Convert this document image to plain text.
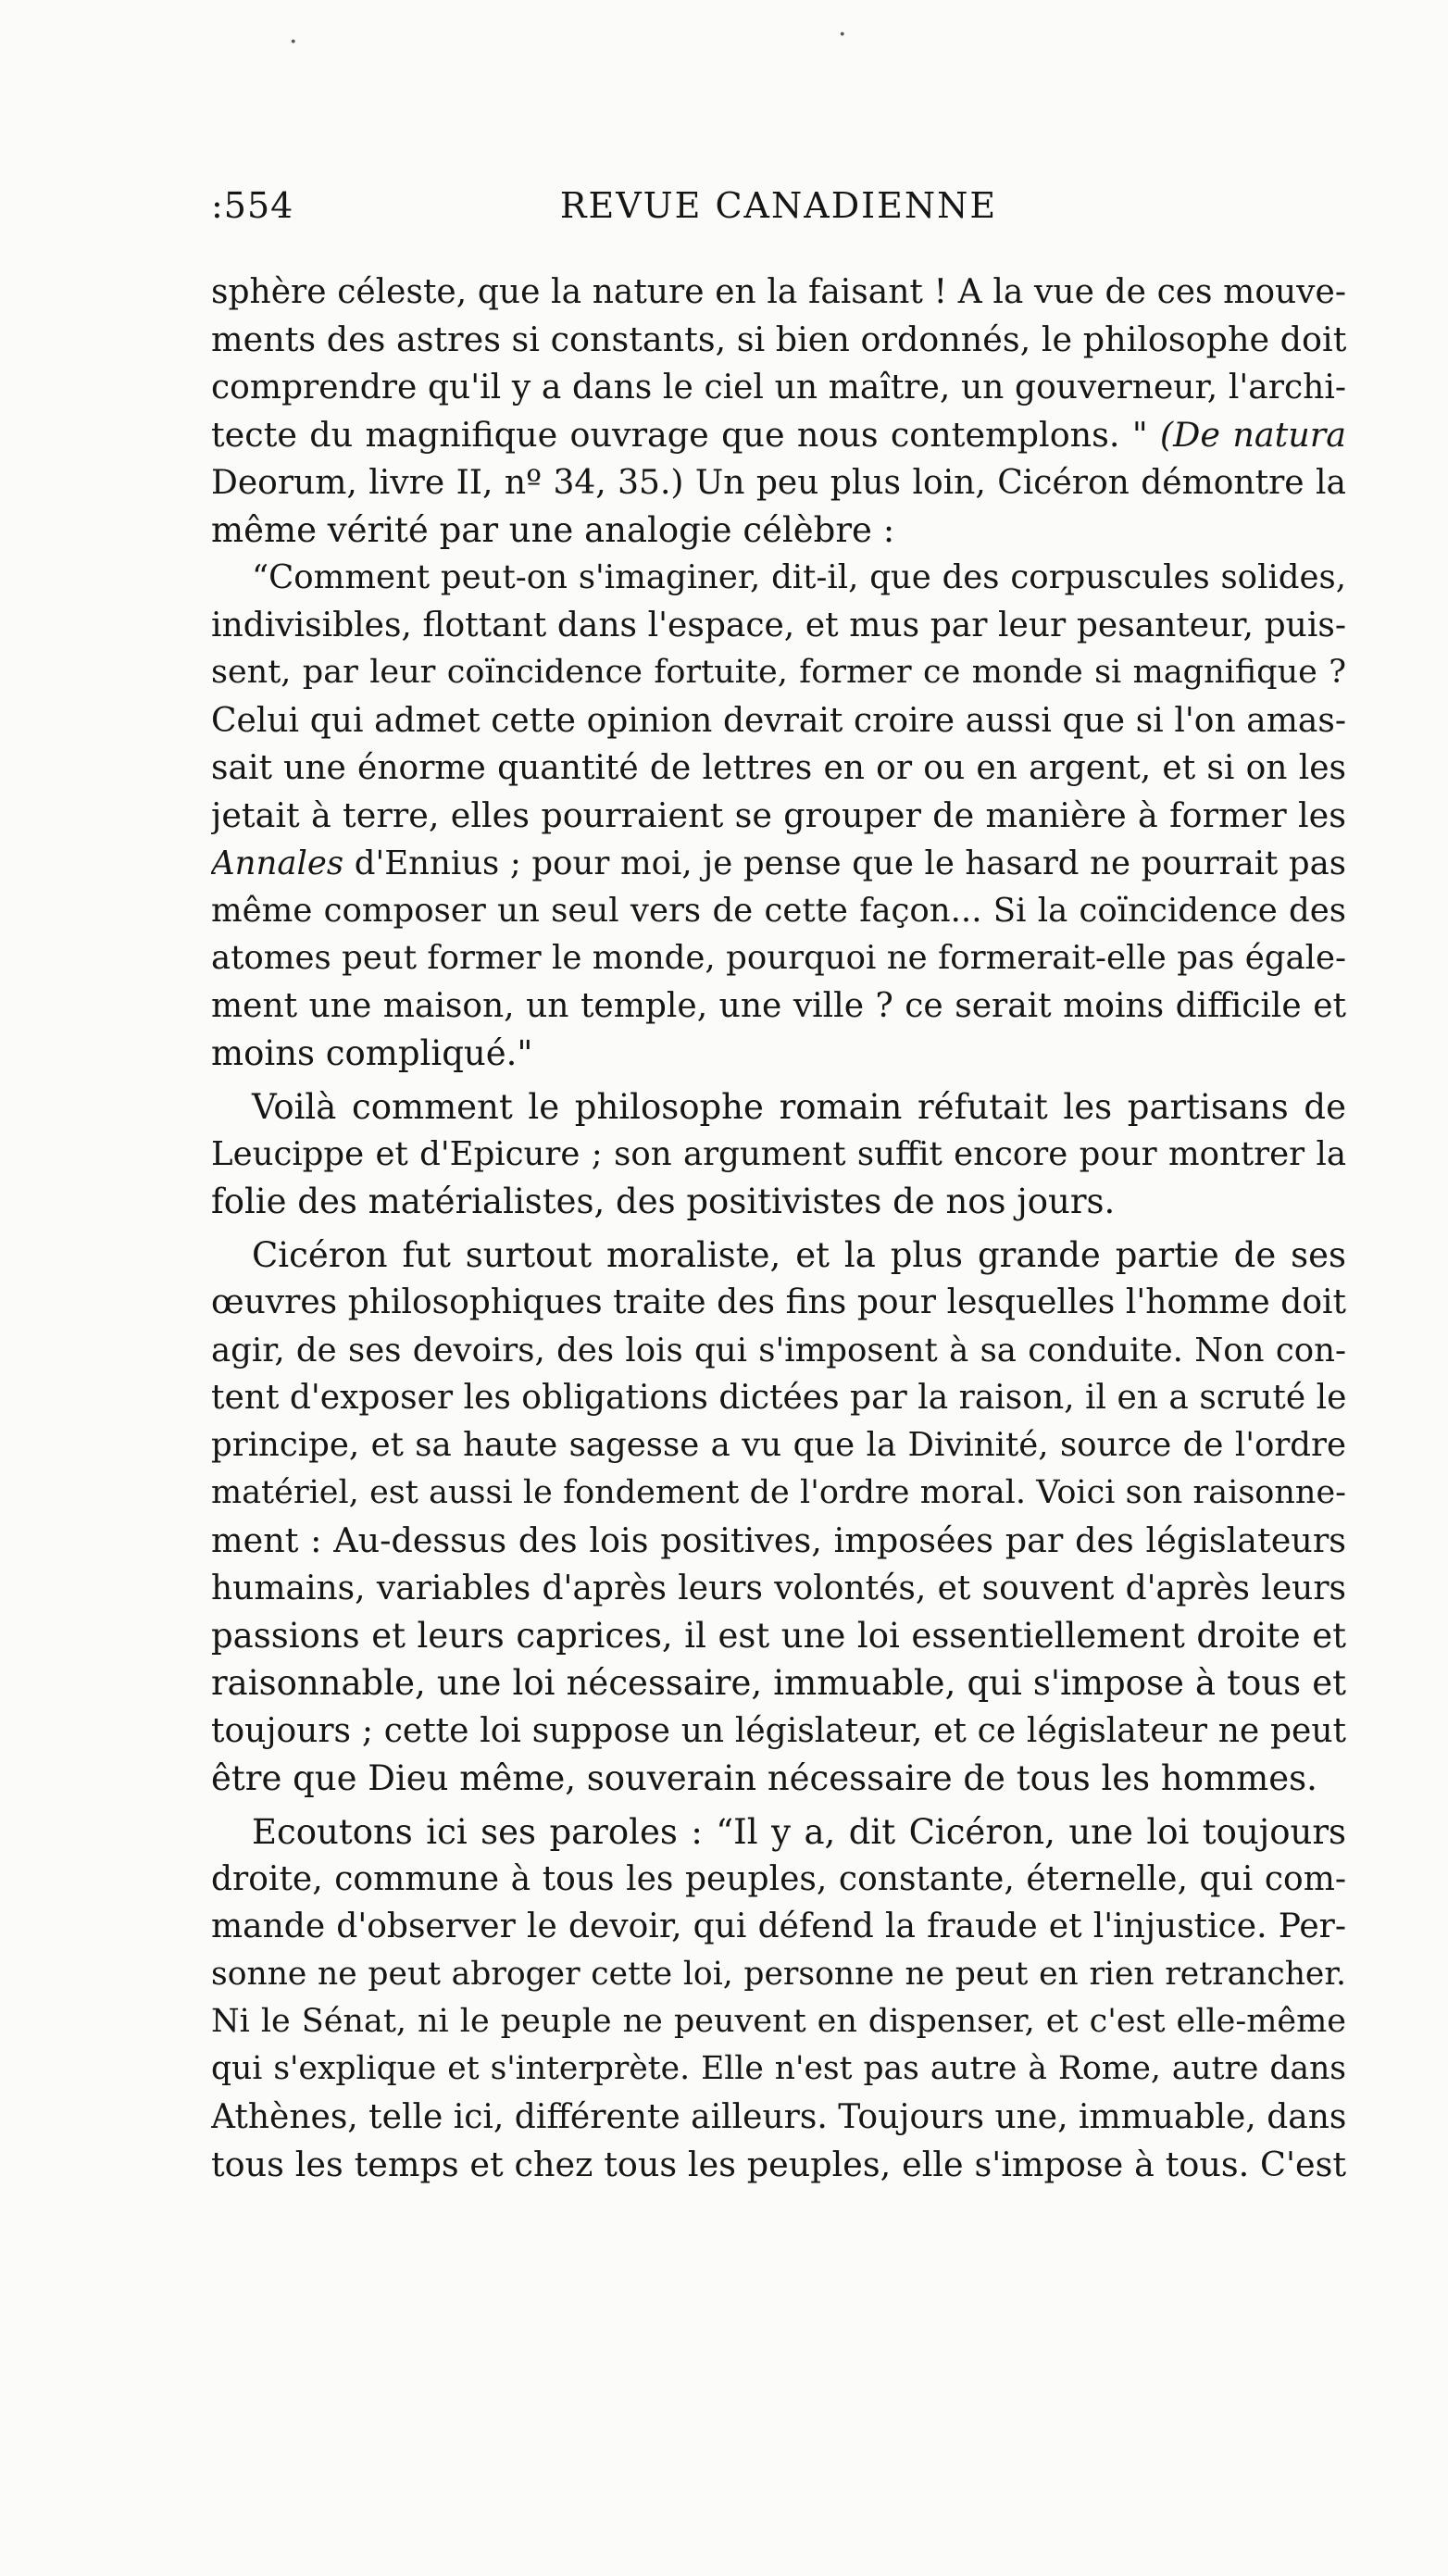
·	·
:554	REVUE CANADIENNE
sphère céleste, que la nature en la faisant ! A la vue de ces mouve-
ments des astres si constants, si bien ordonnés, le philosophe doit
comprendre qu'il y a dans le ciel un maître, un gouverneur, l'archi-
tecte du magnifique ouvrage que nous contemplons. " (De natura
Deorum, livre II, nº 34, 35.) Un peu plus loin, Cicéron démontre la
même vérité par une analogie célèbre :
“Comment peut-on s'imaginer, dit-il, que des corpuscules solides,
indivisibles, flottant dans l'espace, et mus par leur pesanteur, puis-
sent, par leur coïncidence fortuite, former ce monde si magnifique ?
Celui qui admet cette opinion devrait croire aussi que si l'on amas-
sait une énorme quantité de lettres en or ou en argent, et si on les
jetait à terre, elles pourraient se grouper de manière à former les
Annales d'Ennius ; pour moi, je pense que le hasard ne pourrait pas
même composer un seul vers de cette façon... Si la coïncidence des
atomes peut former le monde, pourquoi ne formerait-elle pas égale-
ment une maison, un temple, une ville ? ce serait moins difficile et
moins compliqué."
Voilà comment le philosophe romain réfutait les partisans de
Leucippe et d'Epicure ; son argument suffit encore pour montrer la
folie des matérialistes, des positivistes de nos jours.
Cicéron fut surtout moraliste, et la plus grande partie de ses
œuvres philosophiques traite des fins pour lesquelles l'homme doit
agir, de ses devoirs, des lois qui s'imposent à sa conduite. Non con-
tent d'exposer les obligations dictées par la raison, il en a scruté le
principe, et sa haute sagesse a vu que la Divinité, source de l'ordre
matériel, est aussi le fondement de l'ordre moral. Voici son raisonne-
ment : Au-dessus des lois positives, imposées par des législateurs
humains, variables d'après leurs volontés, et souvent d'après leurs
passions et leurs caprices, il est une loi essentiellement droite et
raisonnable, une loi nécessaire, immuable, qui s'impose à tous et
toujours ; cette loi suppose un législateur, et ce législateur ne peut
être que Dieu même, souverain nécessaire de tous les hommes.
Ecoutons ici ses paroles : “Il y a, dit Cicéron, une loi toujours
droite, commune à tous les peuples, constante, éternelle, qui com-
mande d'observer le devoir, qui défend la fraude et l'injustice. Per-
sonne ne peut abroger cette loi, personne ne peut en rien retrancher.
Ni le Sénat, ni le peuple ne peuvent en dispenser, et c'est elle-même
qui s'explique et s'interprète. Elle n'est pas autre à Rome, autre dans
Athènes, telle ici, différente ailleurs. Toujours une, immuable, dans
tous les temps et chez tous les peuples, elle s'impose à tous. C'est
